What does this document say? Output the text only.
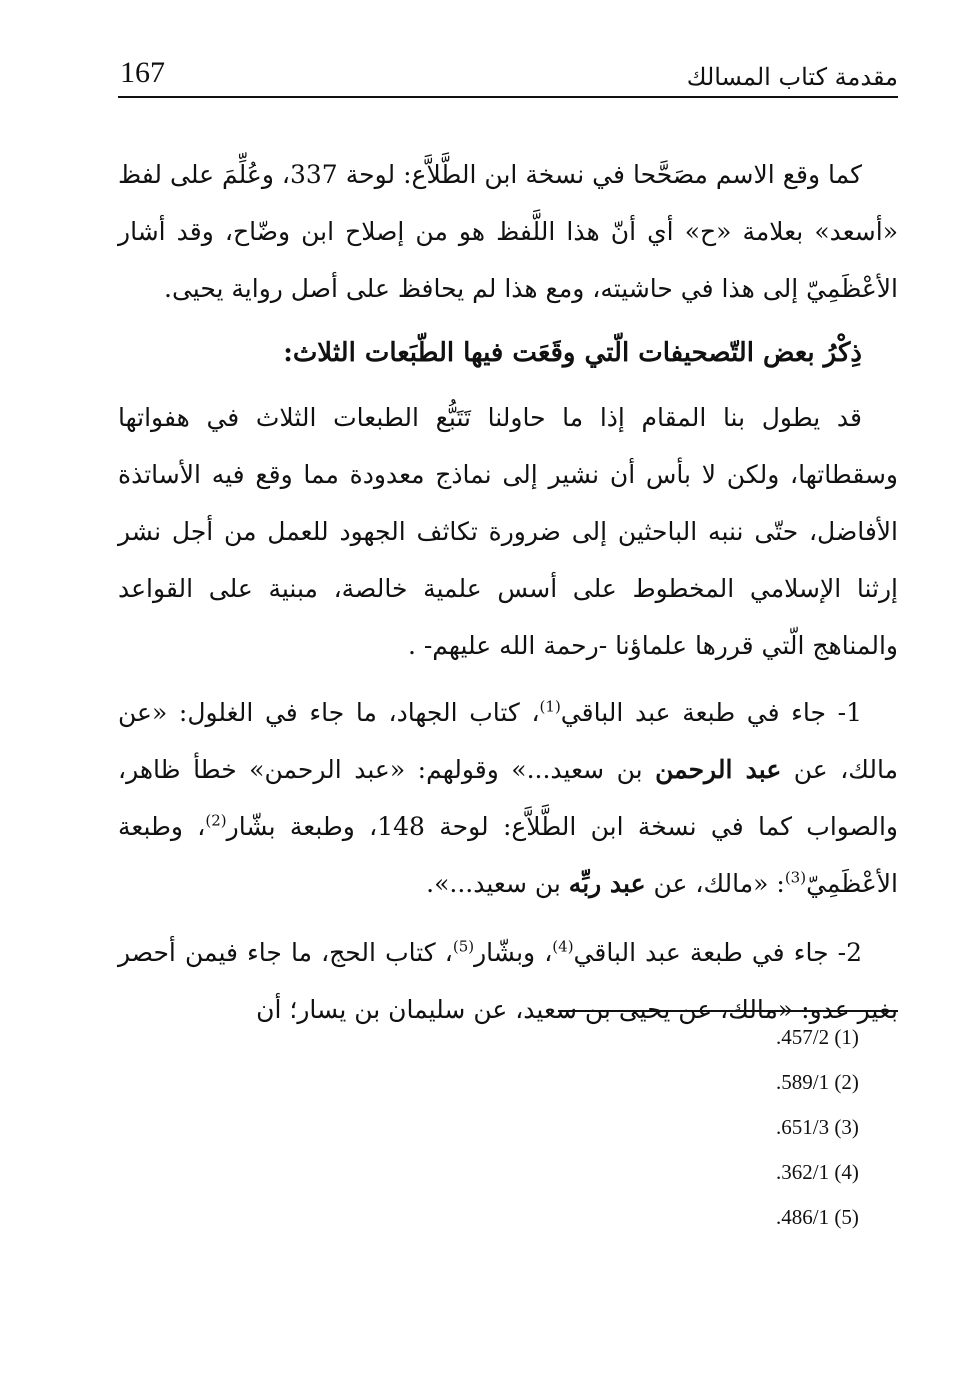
مقدمة كتاب المسالك
167

كما وقع الاسم مصَحَّحا في نسخة ابن الطَّلاَّع: لوحة 337، وعُلِّمَ على لفظ «أسعد» بعلامة «ح» أي أنّ هذا اللَّفظ هو من إصلاح ابن وضّاح، وقد أشار الأعْظَمِيّ إلى هذا في حاشيته، ومع هذا لم يحافظ على أصل رواية يحيى.

ذِكْرُ بعض التّصحيفات الّتي وقَعَت فيها الطّبَعات الثلاث:

قد يطول بنا المقام إذا ما حاولنا تَتَبُّع الطبعات الثلاث في هفواتها وسقطاتها، ولكن لا بأس أن نشير إلى نماذج معدودة مما وقع فيه الأساتذة الأفاضل، حتّى ننبه الباحثين إلى ضرورة تكاثف الجهود للعمل من أجل نشر إرثنا الإسلامي المخطوط على أسس علمية خالصة، مبنية على القواعد والمناهج الّتي قررها علماؤنا -رحمة الله عليهم- .

1- جاء في طبعة عبد الباقي$^{(1)}$، كتاب الجهاد، ما جاء في الغلول: «عن مالك، عن عبد الرحمن بن سعيد...» وقولهم: «عبد الرحمن» خطأ ظاهر، والصواب كما في نسخة ابن الطَّلاَّع: لوحة 148، وطبعة بشّار$^{(2)}$، وطبعة الأعْظَمِيّ$^{(3)}$: «مالك، عن عبد ربِّه بن سعيد...».

2- جاء في طبعة عبد الباقي$^{(4)}$، وبشّار$^{(5)}$، كتاب الحج، ما جاء فيمن أحصر بغير عدو: «مالك، عن يحيى بن سعيد، عن سليمان بن يسار؛ أن

.457/2 (1)
.589/1 (2)
.651/3 (3)
.362/1 (4)
.486/1 (5)
